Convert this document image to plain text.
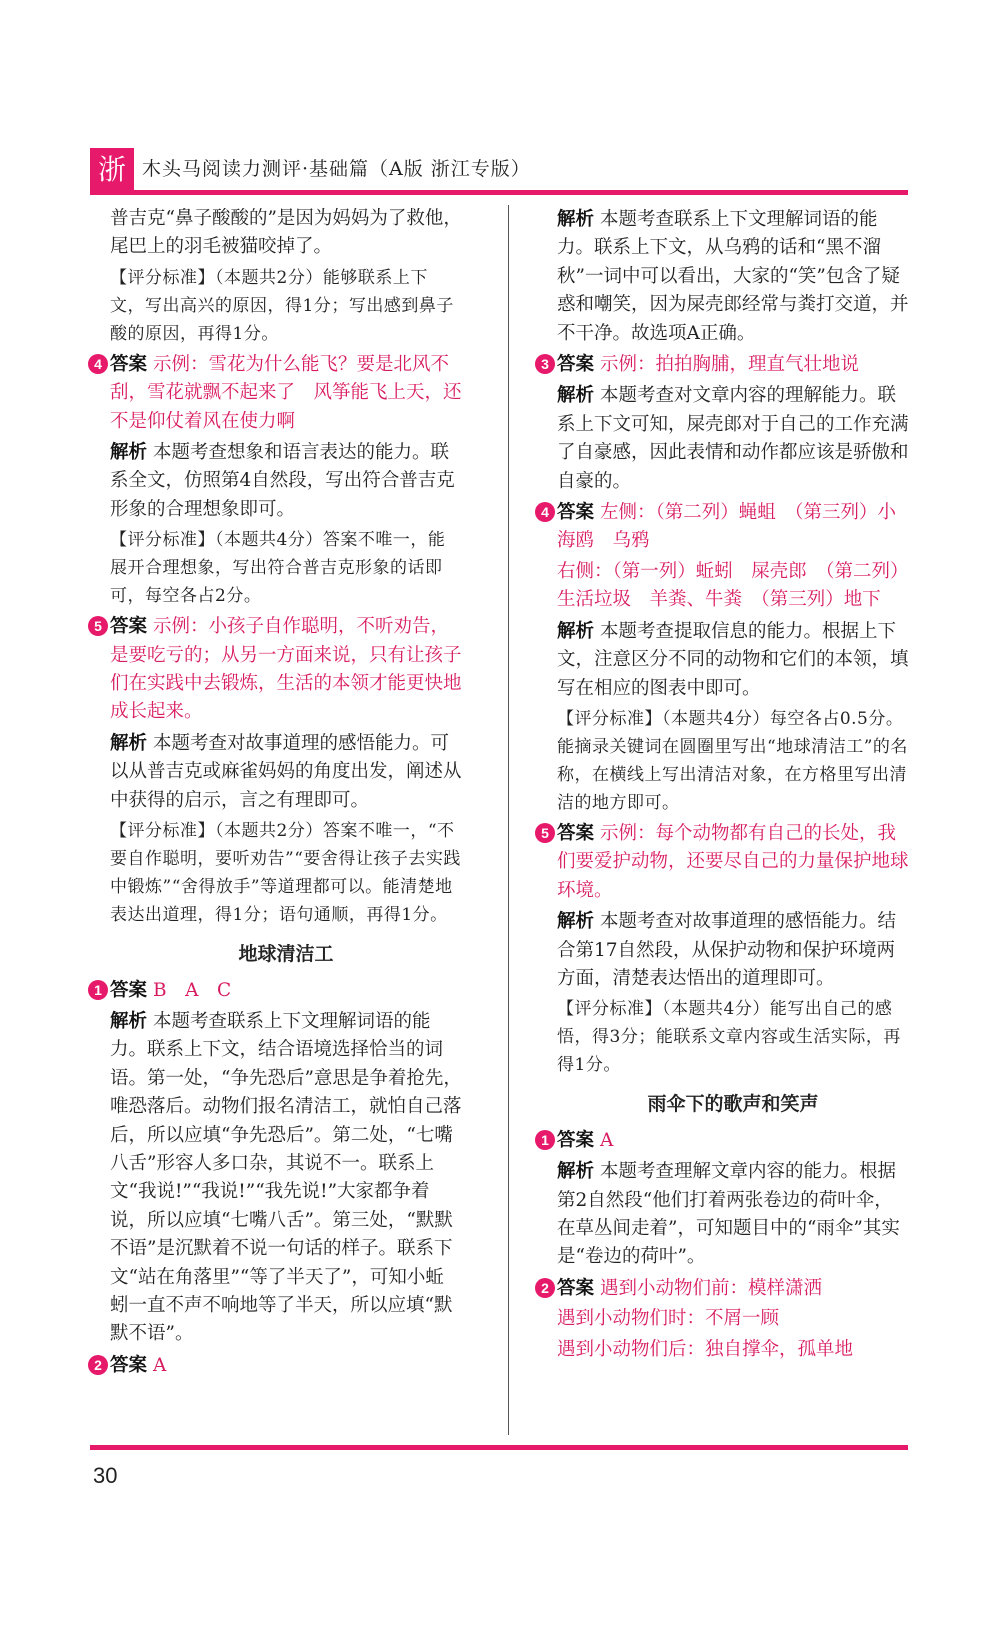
浙 木头马阅读力测评·基础篇（A版 浙江专版）
普吉克“鼻子酸酸的”是因为妈妈为了救他，尾巴上的羽毛被猫咬掉了。
【评分标准】（本题共2分）能够联系上下文，写出高兴的原因，得1分；写出感到鼻子酸的原因，再得1分。
4 答案 示例：雪花为什么能飞？要是北风不刮，雪花就飘不起来了　风筝能飞上天，还不是仰仗着风在使力啊
解析 本题考查想象和语言表达的能力。联系全文，仿照第4自然段，写出符合普吉克形象的合理想象即可。
【评分标准】（本题共4分）答案不唯一，能展开合理想象，写出符合普吉克形象的话即可，每空各占2分。
5 答案 示例：小孩子自作聪明，不听劝告，是要吃亏的；从另一方面来说，只有让孩子们在实践中去锻炼，生活的本领才能更快地成长起来。
解析 本题考查对故事道理的感悟能力。可以从普吉克或麻雀妈妈的角度出发，阐述从中获得的启示，言之有理即可。
【评分标准】（本题共2分）答案不唯一，“不要自作聪明，要听劝告”“要舍得让孩子去实践中锻炼”“舍得放手”等道理都可以。能清楚地表达出道理，得1分；语句通顺，再得1分。
地球清洁工
1 答案 B　A　C
解析 本题考查联系上下文理解词语的能力。联系上下文，结合语境选择恰当的词语。第一处，“争先恐后”意思是争着抢先，唯恐落后。动物们报名清洁工，就怕自己落后，所以应填“争先恐后”。第二处，“七嘴八舌”形容人多口杂，其说不一。联系上文“我说!”“我说!”“我先说!”大家都争着说，所以应填“七嘴八舌”。第三处，“默默不语”是沉默着不说一句话的样子。联系下文“站在角落里”“等了半天了”，可知小蚯蚓一直不声不响地等了半天，所以应填“默默不语”。
2 答案 A
解析 本题考查联系上下文理解词语的能力。联系上下文，从乌鸦的话和“黑不溜秋”一词中可以看出，大家的“笑”包含了疑惑和嘲笑，因为屎壳郎经常与粪打交道，并不干净。故选项A正确。
3 答案 示例：拍拍胸脯，理直气壮地说
解析 本题考查对文章内容的理解能力。联系上下文可知，屎壳郎对于自己的工作充满了自豪感，因此表情和动作都应该是骄傲和自豪的。
4 答案 左侧：（第二列）蝇蛆　（第三列）小海鸥　乌鸦
右侧：（第一列）蚯蚓　屎壳郎　（第二列）生活垃圾　羊粪、牛粪　（第三列）地下
解析 本题考查提取信息的能力。根据上下文，注意区分不同的动物和它们的本领，填写在相应的图表中即可。
【评分标准】（本题共4分）每空各占0.5分。能摘录关键词在圆圈里写出“地球清洁工”的名称，在横线上写出清洁对象，在方格里写出清洁的地方即可。
5 答案 示例：每个动物都有自己的长处，我们要爱护动物，还要尽自己的力量保护地球环境。
解析 本题考查对故事道理的感悟能力。结合第17自然段，从保护动物和保护环境两方面，清楚表达悟出的道理即可。
【评分标准】（本题共4分）能写出自己的感悟，得3分；能联系文章内容或生活实际，再得1分。
雨伞下的歌声和笑声
1 答案 A
解析 本题考查理解文章内容的能力。根据第2自然段“他们打着两张卷边的荷叶伞，在草丛间走着”，可知题目中的“雨伞”其实是“卷边的荷叶”。
2 答案 遇到小动物们前：模样潇洒
遇到小动物们时：不屑一顾
遇到小动物们后：独自撑伞，孤单地
30
